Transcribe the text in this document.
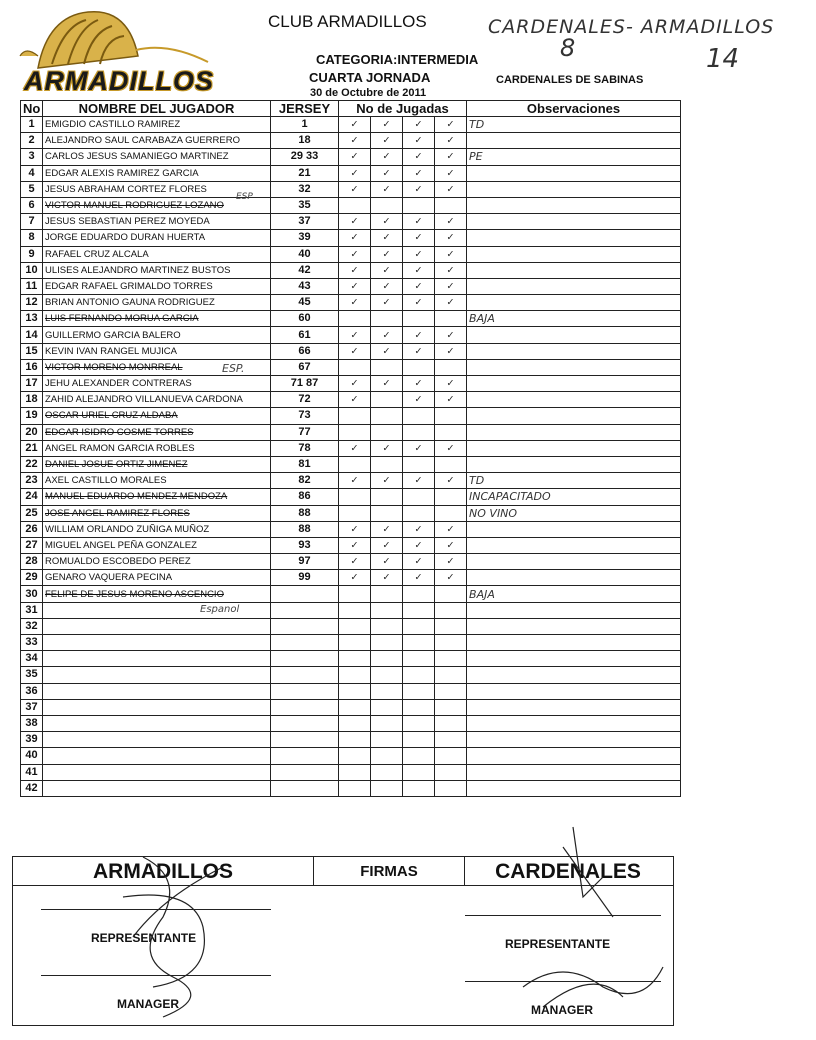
ARMADILLOS
CLUB ARMADILLOS
CATEGORIA:INTERMEDIA
CUARTA JORNADA
30 de Octubre de 2011
CARDENALES DE SABINAS
CARDENALES- ARMADILLOS
8	14
No	NOMBRE DEL JUGADOR	JERSEY	No de Jugadas				Observaciones
1	EMIGDIO CASTILLO RAMIREZ	1	✓	✓	✓	✓	TD
2	ALEJANDRO SAUL CARABAZA GUERRERO	18	✓	✓	✓	✓	
3	CARLOS JESUS SAMANIEGO MARTINEZ	29 33	✓	✓	✓	✓	PE
4	EDGAR ALEXIS RAMIREZ GARCIA	21	✓	✓	✓	✓	
5	JESUS ABRAHAM CORTEZ FLORES	32	✓	✓	✓	✓	
6	VICTOR MANUEL RODRIGUEZ LOZANO	35					
7	JESUS SEBASTIAN PEREZ MOYEDA	37	✓	✓	✓	✓	
8	JORGE EDUARDO DURAN HUERTA	39	✓	✓	✓	✓	
9	RAFAEL CRUZ ALCALA	40	✓	✓	✓	✓	
10	ULISES ALEJANDRO MARTINEZ BUSTOS	42	✓	✓	✓	✓	
11	EDGAR RAFAEL GRIMALDO TORRES	43	✓	✓	✓	✓	
12	BRIAN ANTONIO GAUNA RODRIGUEZ	45	✓	✓	✓	✓	
13	LUIS FERNANDO MORUA GARCIA	60					BAJA
14	GUILLERMO GARCIA BALERO	61	✓	✓	✓	✓	
15	KEVIN IVAN RANGEL MUJICA	66	✓	✓	✓	✓	
16	VICTOR MORENO MONRREAL	67					
17	JEHU ALEXANDER CONTRERAS	71 87	✓	✓	✓	✓	
18	ZAHID ALEJANDRO VILLANUEVA CARDONA	72	✓		✓	✓	
19	OSCAR URIEL CRUZ ALDABA	73					
20	EDGAR ISIDRO COSME TORRES	77					
21	ANGEL RAMON GARCIA ROBLES	78	✓	✓	✓	✓	
22	DANIEL JOSUE ORTIZ JIMENEZ	81					
23	AXEL CASTILLO MORALES	82	✓	✓	✓	✓	TD
24	MANUEL EDUARDO MENDEZ MENDOZA	86					INCAPACITADO
25	JOSE ANGEL RAMIREZ FLORES	88					NO VINO
26	WILLIAM ORLANDO ZUÑIGA MUÑOZ	88	✓	✓	✓	✓	
27	MIGUEL ANGEL PEÑA GONZALEZ	93	✓	✓	✓	✓	
28	ROMUALDO ESCOBEDO PEREZ	97	✓	✓	✓	✓	
29	GENARO VAQUERA PECINA	99	✓	✓	✓	✓	
30	FELIPE DE JESUS MORENO ASCENCIO						BAJA
31							
32							
33							
34							
35							
36							
37							
38							
39							
40							
41							
42							
ESP
ESP.
Espanol
ARMADILLOS	FIRMAS	CARDENALES
REPRESENTANTE
MANAGER
REPRESENTANTE
MANAGER
